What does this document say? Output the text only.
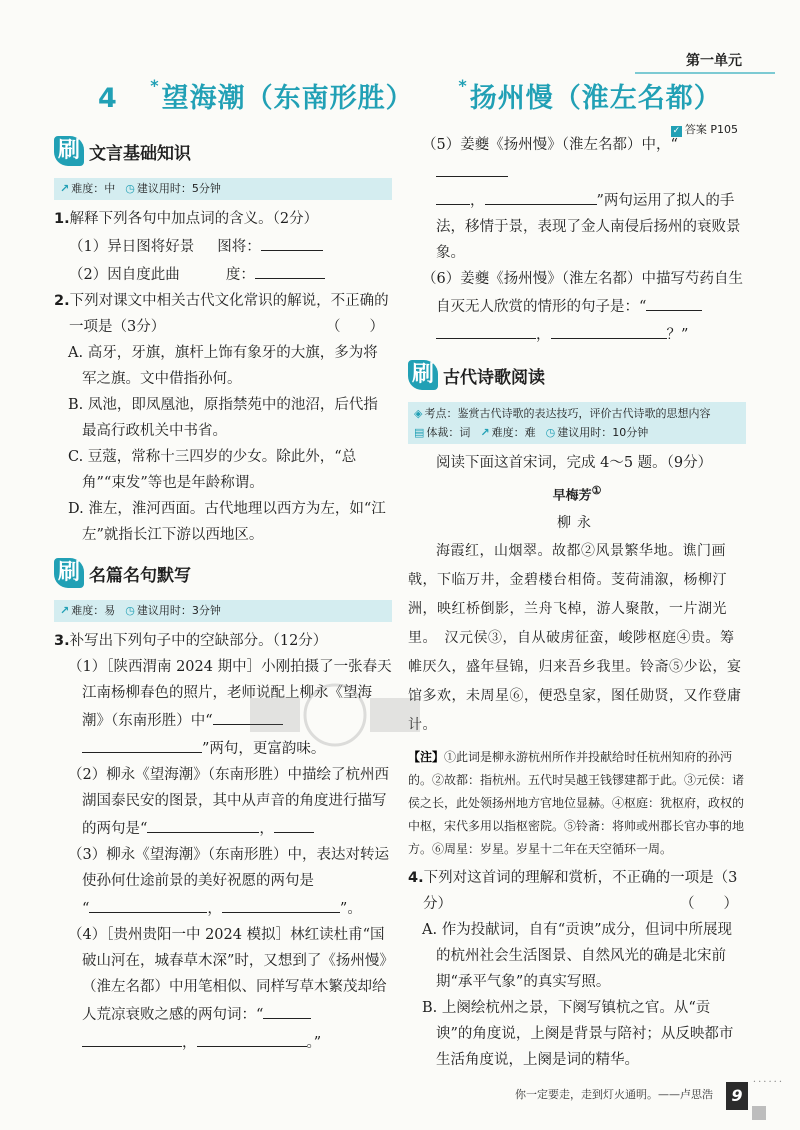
第一单元
4 *望海潮（东南形胜）	*扬州慢（淮左名都）
✓ 答案 P105
刷 文言基础知识
↗ 难度：中 ◷ 建议用时：5分钟

1.解释下列各句中加点词的含义。（2分）

（1）异日图将好景 图将：

（2）因自度此曲	度：

2.下列对课文中相关古代文化常识的解说，不正确的一项是（3分）	（　　）

A. 高牙，牙旗，旗杆上饰有象牙的大旗，多为将军之旗。文中借指孙何。

B. 凤池，即凤凰池，原指禁苑中的池沼，后代指最高行政机关中书省。

C. 豆蔻，常称十三四岁的少女。除此外，“总角”“束发”等也是年龄称谓。

D. 淮左，淮河西面。古代地理以西方为左，如“江左”就指长江下游以西地区。

刷 名篇名句默写
↗ 难度：易 ◷ 建议用时：3分钟

3.补写出下列句子中的空缺部分。（12分）

（1）［陕西渭南 2024 期中］小刚拍摄了一张春天江南杨柳春色的照片，老师说配上柳永《望海潮》（东南形胜）中“
”两句，更富韵味。

（2）柳永《望海潮》（东南形胜）中描绘了杭州西湖国泰民安的图景，其中从声音的角度进行描写的两句是“	，

（3）柳永《望海潮》（东南形胜）中，表达对转运使孙何仕途前景的美好祝愿的两句是
“	，	”。

（4）［贵州贵阳一中 2024 模拟］林红读杜甫“国破山河在，城春草木深”时，又想到了《扬州慢》（淮左名都）中用笔相似、同样写草木繁茂却给人荒凉衰败之感的两句词：“
，	。”

（5）姜夔《扬州慢》（淮左名都）中，“
，	”两句运用了拟人的手法，移情于景，表现了金人南侵后扬州的衰败景象。

（6）姜夔《扬州慢》（淮左名都）中描写芍药自生自灭无人欣赏的情形的句子是：“
，	？”

刷 古代诗歌阅读
◈ 考点：鉴赏古代诗歌的表达技巧，评价古代诗歌的思想内容
▤ 体裁：词 ↗ 难度：难 ◷ 建议用时：10分钟

阅读下面这首宋词，完成 4～5 题。（9分）

早梅芳①
柳永

海霞红，山烟翠。故都②风景繁华地。谯门画戟，下临万井，金碧楼台相倚。芰荷浦溆，杨柳汀洲，映红桥倒影，兰舟飞棹，游人聚散，一片湖光里。　汉元侯③，自从破虏征蛮，峻陟枢庭④贵。筹帷厌久，盛年昼锦，归来吾乡我里。铃斋⑤少讼，宴馆多欢，未周星⑥，便恐皇家，图任勋贤，又作登庸计。

【注】①此词是柳永游杭州所作并投献给时任杭州知府的孙沔的。②故都：指杭州。五代时吴越王钱镠建都于此。③元侯：诸侯之长，此处领扬州地方官地位显赫。④枢庭：犹枢府，政权的中枢，宋代多用以指枢密院。⑤铃斋：将帅或州郡长官办事的地方。⑥周星：岁星。岁星十二年在天空循环一周。

4.下列对这首词的理解和赏析，不正确的一项是（3分）	（　　）

A. 作为投献词，自有“贡谀”成分，但词中所展现的杭州社会生活图景、自然风光的确是北宋前期“承平气象”的真实写照。

B. 上阕绘杭州之景，下阕写镇杭之官。从“贡谀”的角度说，上阕是背景与陪衬；从反映都市生活角度说，上阕是词的精华。

你一定要走，走到灯火通明。——卢思浩
······
9
